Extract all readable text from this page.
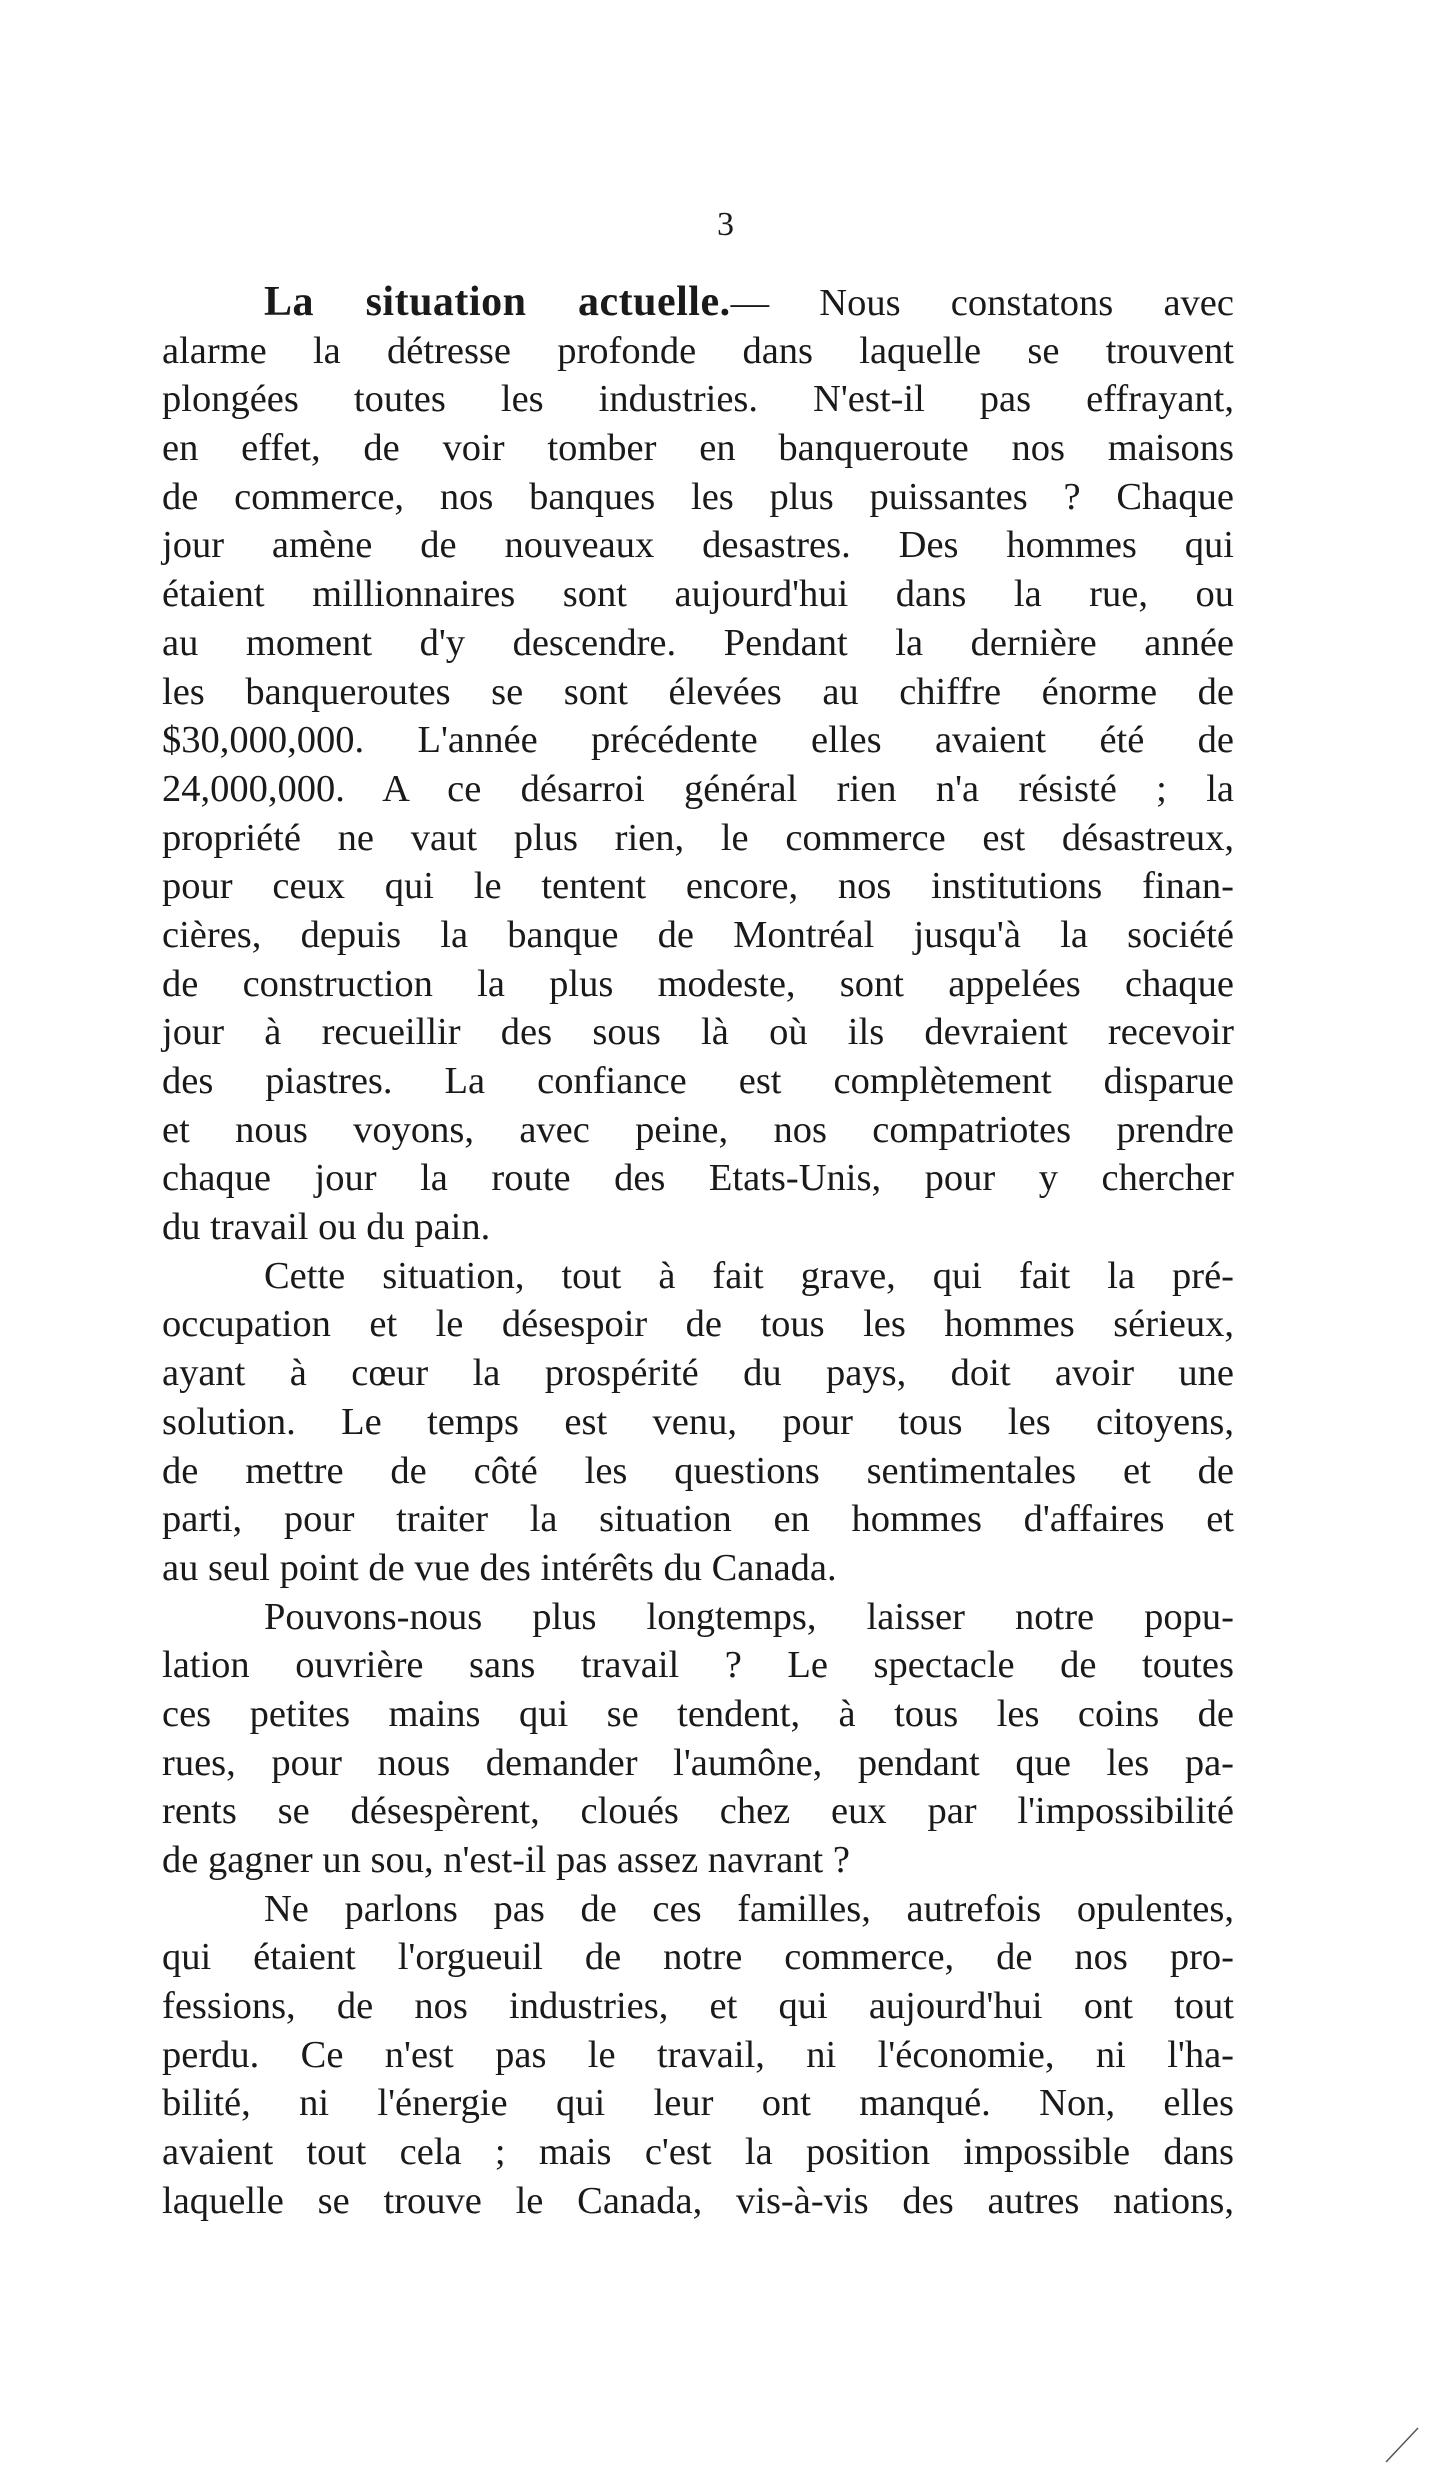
3
La situation actuelle.— Nous constatons avec
alarme la détresse profonde dans laquelle se trouvent
plongées toutes les industries. N'est-il pas effrayant,
en effet, de voir tomber en banqueroute nos maisons
de commerce, nos banques les plus puissantes ? Chaque
jour amène de nouveaux desastres. Des hommes qui
étaient millionnaires sont aujourd'hui dans la rue, ou
au moment d'y descendre. Pendant la dernière année
les banqueroutes se sont élevées au chiffre énorme de
$30,000,000. L'année précédente elles avaient été de
24,000,000. A ce désarroi général rien n'a résisté ; la
propriété ne vaut plus rien, le commerce est désastreux,
pour ceux qui le tentent encore, nos institutions finan-
cières, depuis la banque de Montréal jusqu'à la société
de construction la plus modeste, sont appelées chaque
jour à recueillir des sous là où ils devraient recevoir
des piastres. La confiance est complètement disparue
et nous voyons, avec peine, nos compatriotes prendre
chaque jour la route des Etats-Unis, pour y chercher
du travail ou du pain.
Cette situation, tout à fait grave, qui fait la pré-
occupation et le désespoir de tous les hommes sérieux,
ayant à cœur la prospérité du pays, doit avoir une
solution. Le temps est venu, pour tous les citoyens,
de mettre de côté les questions sentimentales et de
parti, pour traiter la situation en hommes d'affaires et
au seul point de vue des intérêts du Canada.
Pouvons-nous plus longtemps, laisser notre popu-
lation ouvrière sans travail ? Le spectacle de toutes
ces petites mains qui se tendent, à tous les coins de
rues, pour nous demander l'aumône, pendant que les pa-
rents se désespèrent, cloués chez eux par l'impossibilité
de gagner un sou, n'est-il pas assez navrant ?
Ne parlons pas de ces familles, autrefois opulentes,
qui étaient l'orgueuil de notre commerce, de nos pro-
fessions, de nos industries, et qui aujourd'hui ont tout
perdu. Ce n'est pas le travail, ni l'économie, ni l'ha-
bilité, ni l'énergie qui leur ont manqué. Non, elles
avaient tout cela ; mais c'est la position impossible dans
laquelle se trouve le Canada, vis-à-vis des autres nations,
